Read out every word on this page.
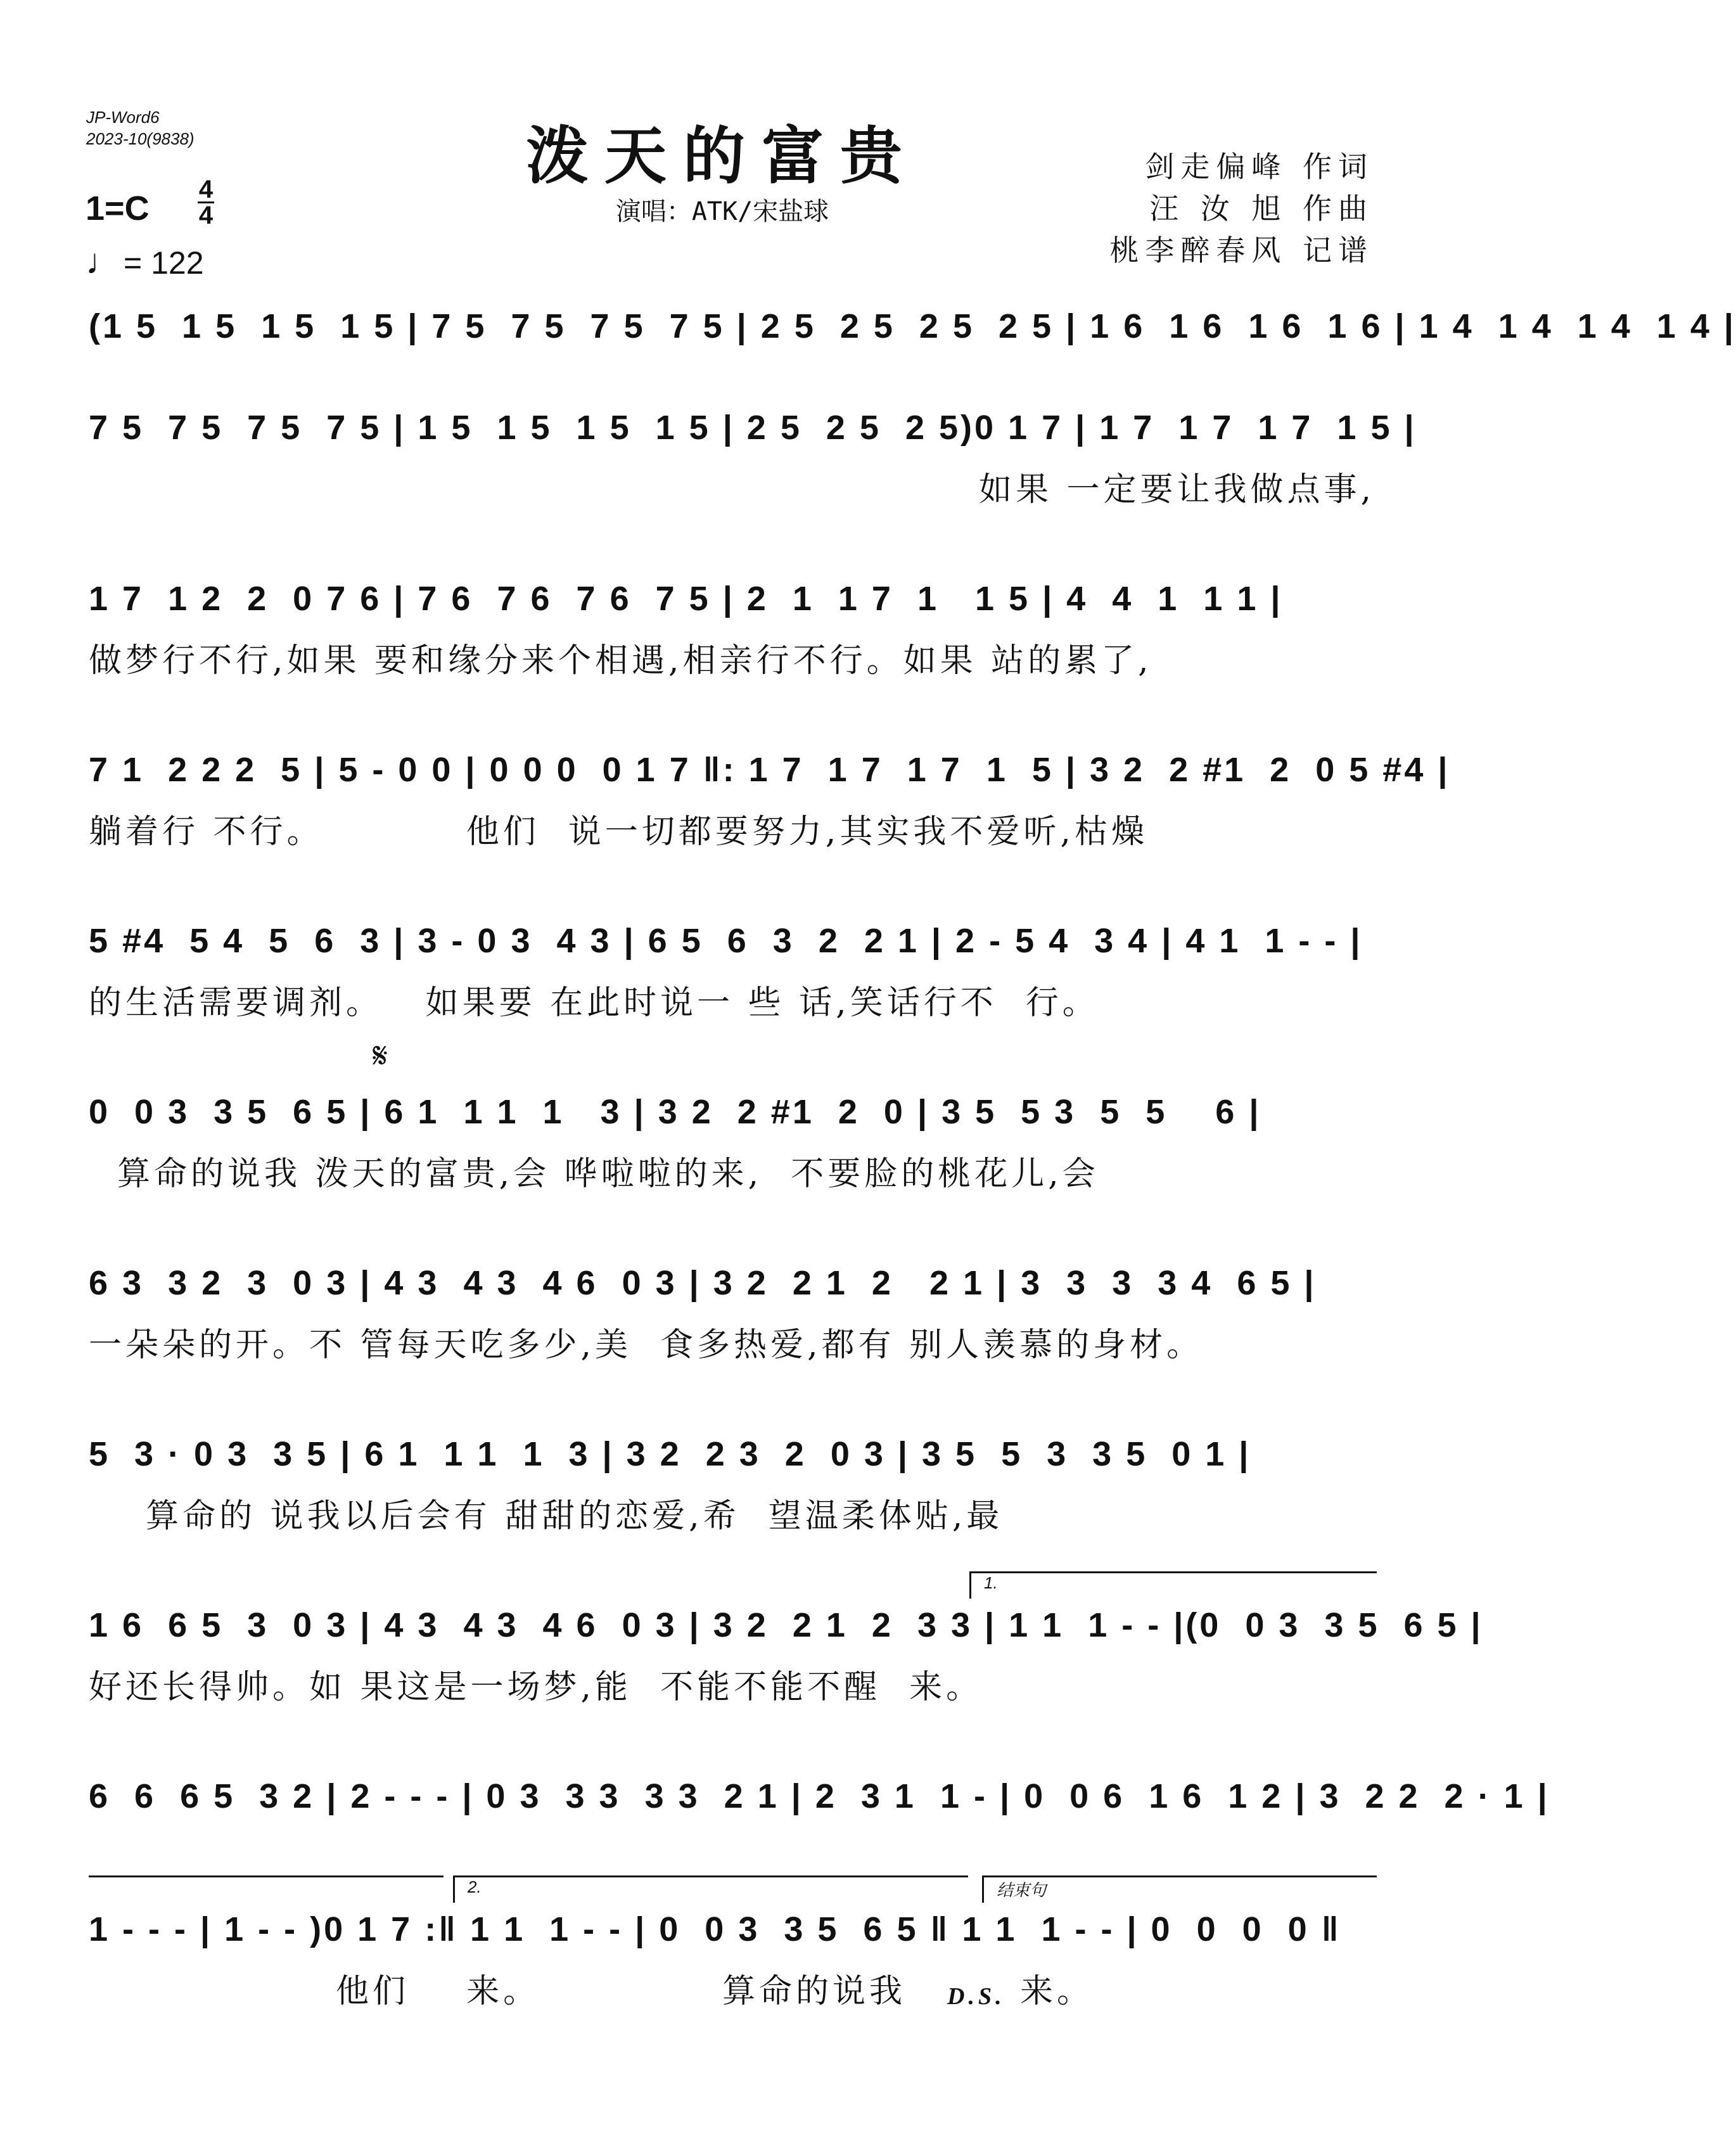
JP-Word6
2023-10(9838)	泼天的富贵
演唱：ATK/宋盐球
剑走偏峰 作词
汪 汝 旭 作曲
桃李醉春风 记谱
1=C 4
4
♩= 122
(1 5  1 5  1 5  1 5 | 7 5  7 5  7 5  7 5 | 2 5  2 5  2 5  2 5 | 1 6  1 6  1 6  1 6 | 1 4  1 4  1 4  1 4 |
7 5  7 5  7 5  7 5 | 1 5  1 5  1 5  1 5 | 2 5  2 5  2 5)0 1 7 | 1 7  1 7  1 7  1 5 |
如果 一定要让我做点事,
1 7  1 2  2  0 7 6 | 7 6  7 6  7 6  7 5 | 2  1  1 7  1   1 5 | 4  4  1  1 1 |
做梦行不行,如果 要和缘分来个相遇,相亲行不行。如果 站的累了,
7 1  2 2 2  5 | 5 - 0 0 | 0 0 0  0 1 7 ‖: 1 7  1 7  1 7  1  5 | 3 2  2 #1  2  0 5 #4 |
躺着行 不行。          他们  说一切都要努力,其实我不爱听,枯燥
5 #4  5 4  5  6  3 | 3 - 0 3  4 3 | 6 5  6  3  2  2 1 | 2 - 5 4  3 4 | 4 1  1 - - |
的生活需要调剂。   如果要 在此时说一 些 话,笑话行不  行。
𝄋
0  0 3  3 5  6 5 | 6 1  1 1  1   3 | 3 2  2 #1  2  0 | 3 5  5 3  5  5    6 |
算命的说我 泼天的富贵,会 哗啦啦的来,  不要脸的桃花儿,会
6 3  3 2  3  0 3 | 4 3  4 3  4 6  0 3 | 3 2  2 1  2   2 1 | 3  3  3  3 4  6 5 |
一朵朵的开。不 管每天吃多少,美  食多热爱,都有 别人羡慕的身材。
5  3 · 0 3  3 5 | 6 1  1 1  1  3 | 3 2  2 3  2  0 3 | 3 5  5  3  3 5  0 1 |
算命的 说我以后会有 甜甜的恋爱,希  望温柔体贴,最
1.
1 6  6 5  3  0 3 | 4 3  4 3  4 6  0 3 | 3 2  2 1  2  3 3 | 1 1  1 - - |(0  0 3  3 5  6 5 |
好还长得帅。如 果这是一场梦,能  不能不能不醒  来。
6  6  6 5  3 2 | 2 - - - | 0 3  3 3  3 3  2 1 | 2  3 1  1 - | 0  0 6  1 6  1 2 | 3  2 2  2 · 1 |
2.	结束句
1 - - - | 1 - - )0 1 7 :‖ 1 1  1 - - | 0  0 3  3 5  6 5 ‖ 1 1  1 - - | 0  0  0  0 ‖
他们    来。	算命的说我 D.S. 来。
